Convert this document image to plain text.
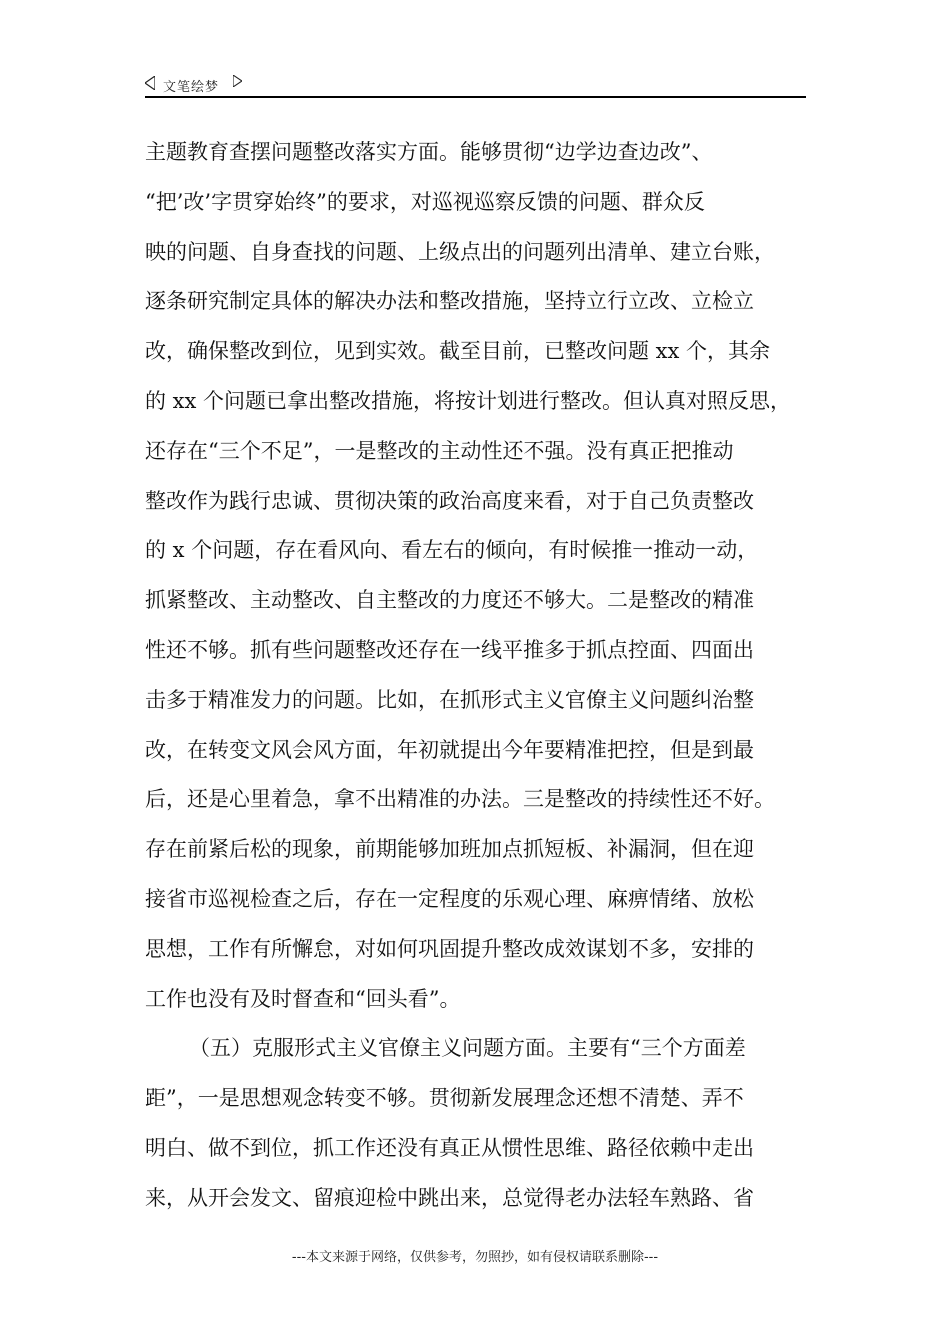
文笔绘梦
主题教育查摆问题整改落实方面。能够贯彻“边学边查边改”、
“把’改’字贯穿始终”的要求，对巡视巡察反馈的问题、群众反
映的问题、自身查找的问题、上级点出的问题列出清单、建立台账，
逐条研究制定具体的解决办法和整改措施，坚持立行立改、立检立
改，确保整改到位，见到实效。截至目前，已整改问题 xx 个，其余
的 xx 个问题已拿出整改措施，将按计划进行整改。但认真对照反思，
还存在“三个不足”，一是整改的主动性还不强。没有真正把推动
整改作为践行忠诚、贯彻决策的政治高度来看，对于自己负责整改
的 x 个问题，存在看风向、看左右的倾向，有时候推一推动一动，
抓紧整改、主动整改、自主整改的力度还不够大。二是整改的精准
性还不够。抓有些问题整改还存在一线平推多于抓点控面、四面出
击多于精准发力的问题。比如，在抓形式主义官僚主义问题纠治整
改，在转变文风会风方面，年初就提出今年要精准把控，但是到最
后，还是心里着急，拿不出精准的办法。三是整改的持续性还不好。
存在前紧后松的现象，前期能够加班加点抓短板、补漏洞，但在迎
接省市巡视检查之后，存在一定程度的乐观心理、麻痹情绪、放松
思想，工作有所懈怠，对如何巩固提升整改成效谋划不多，安排的
工作也没有及时督查和“回头看”。
（五）克服形式主义官僚主义问题方面。主要有“三个方面差
距”，一是思想观念转变不够。贯彻新发展理念还想不清楚、弄不
明白、做不到位，抓工作还没有真正从惯性思维、路径依赖中走出
来，从开会发文、留痕迎检中跳出来，总觉得老办法轻车熟路、省
---本文来源于网络，仅供参考，勿照抄，如有侵权请联系删除---
